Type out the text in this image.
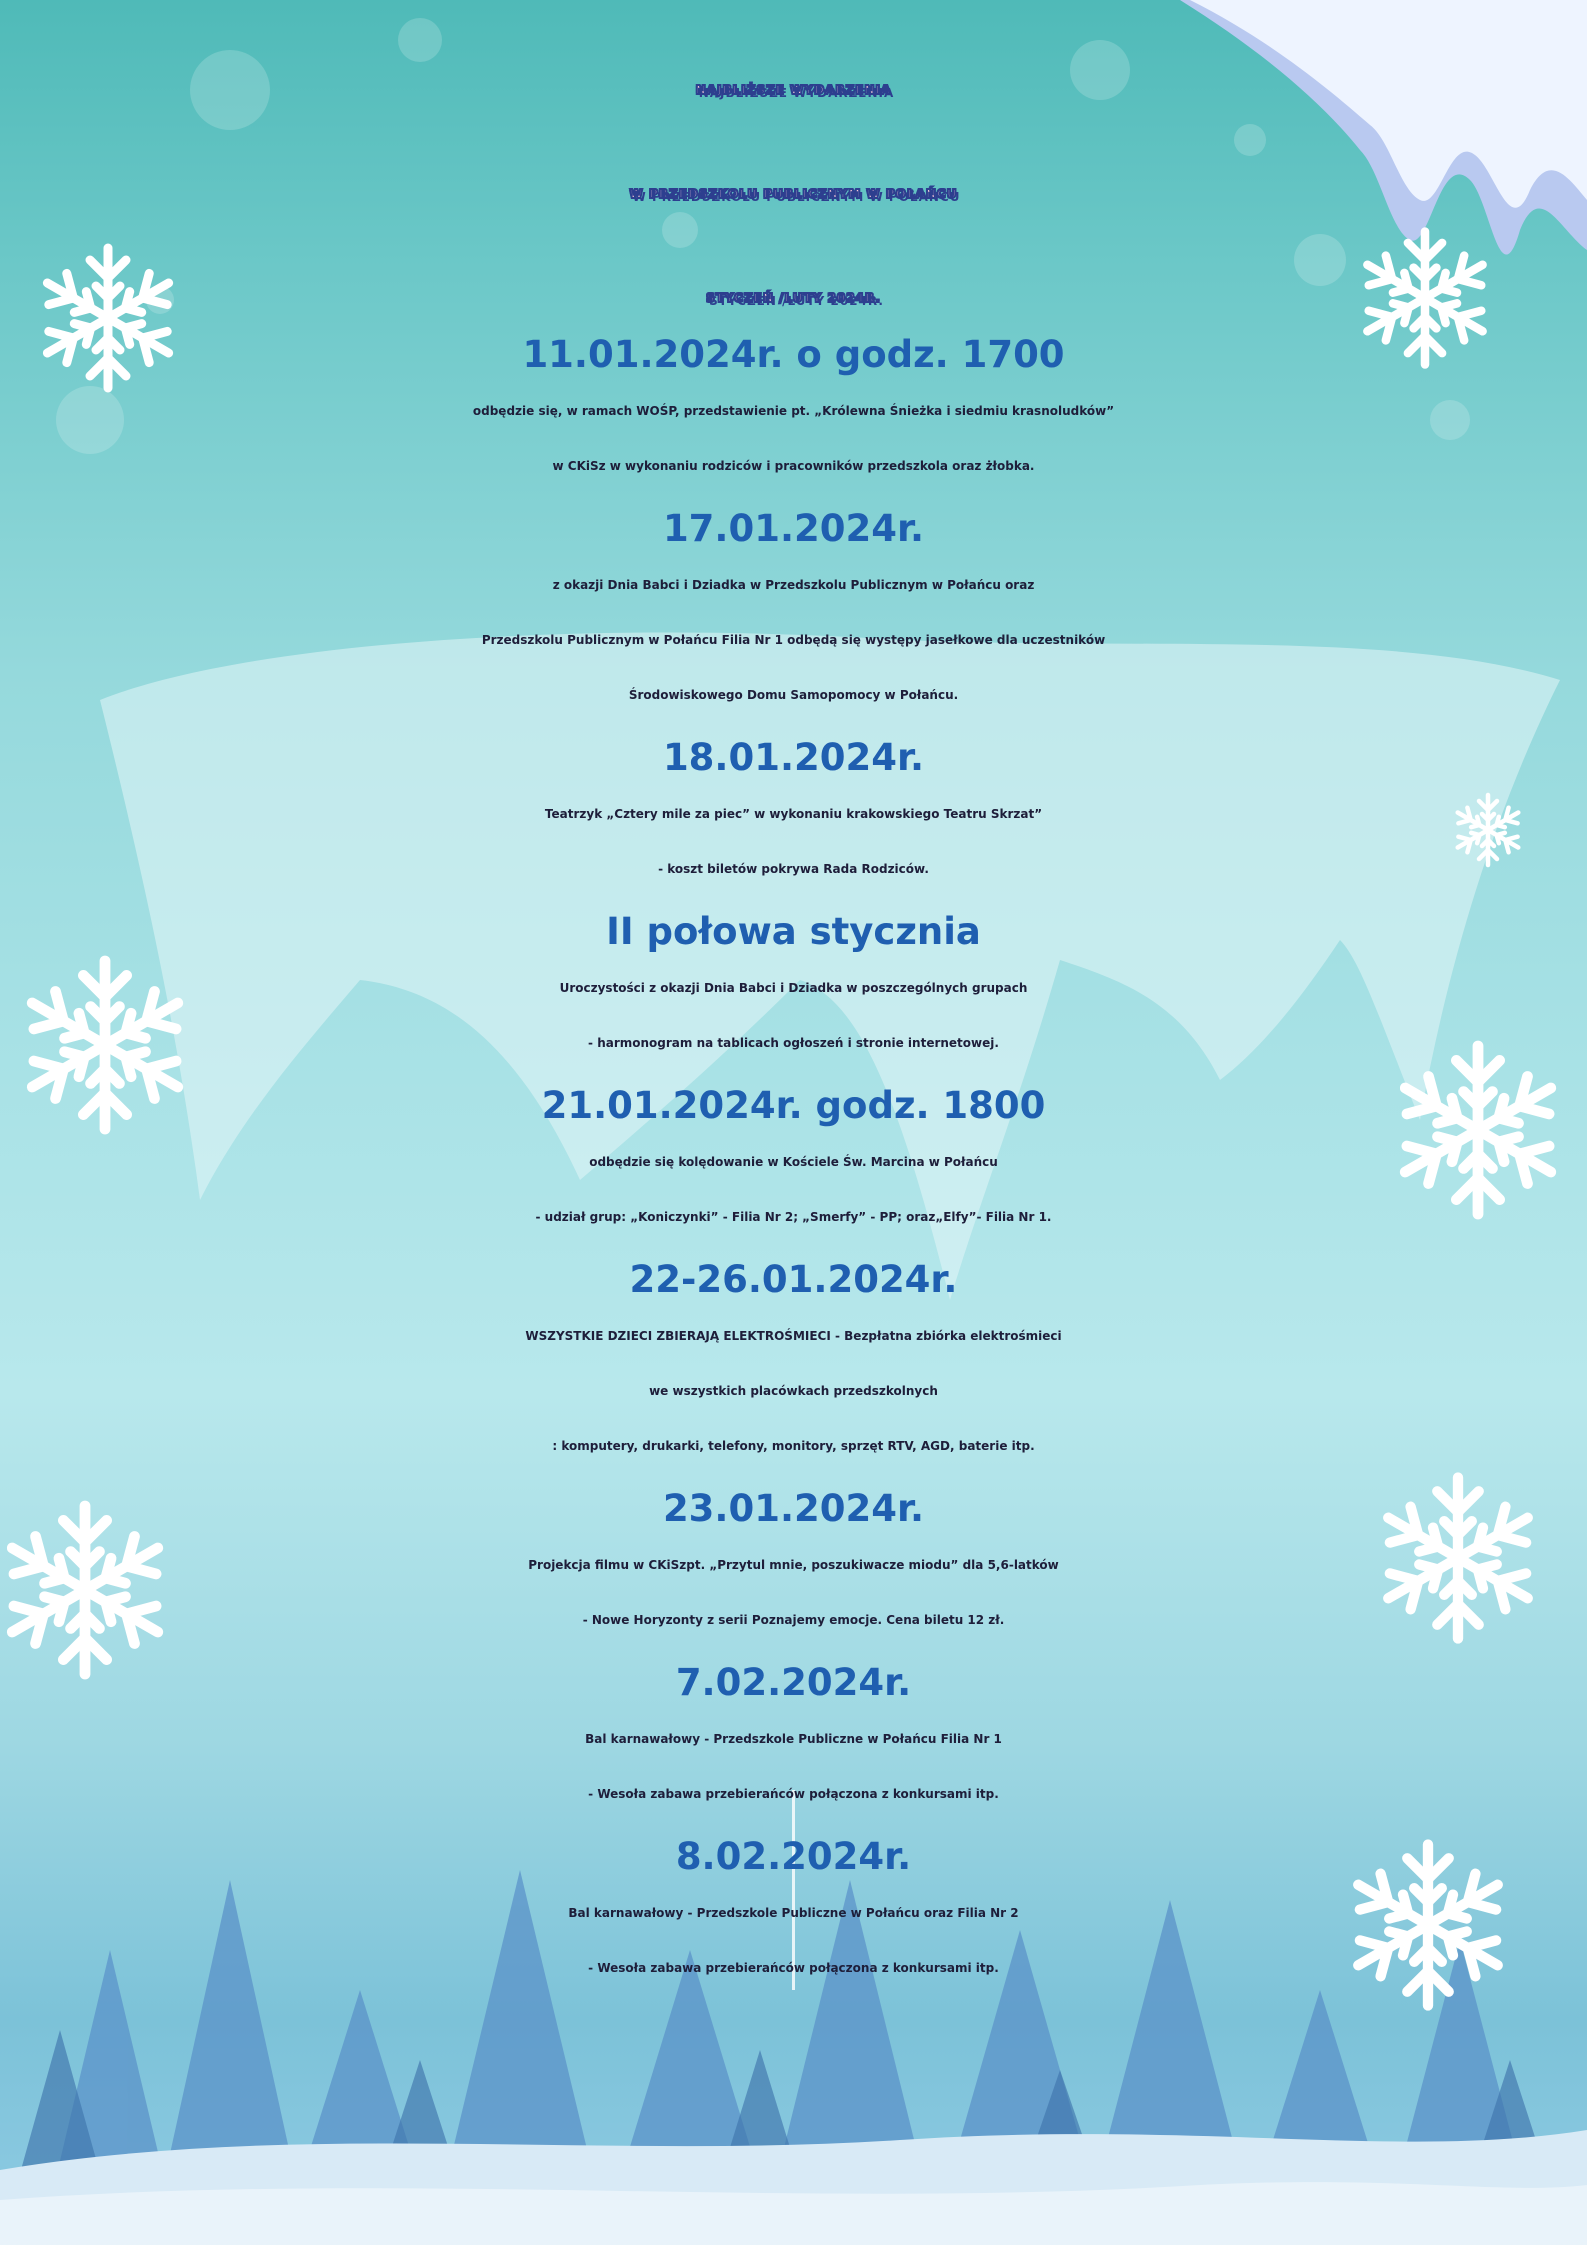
NAJBLIŻSZE WYDARZENIA
W PRZEDSZKOLU PUBLICZNYM W POŁAŃCU
STYCZEŃ /LUTY 2024R.
11.01.2024r. o godz. 1700
odbędzie się, w ramach WOŚP, przedstawienie pt. „Królewna Śnieżka i siedmiu krasnoludków”
w CKiSz w wykonaniu rodziców i pracowników przedszkola oraz żłobka.
17.01.2024r.
z okazji Dnia Babci i Dziadka w Przedszkolu Publicznym w Połańcu oraz
Przedszkolu Publicznym w Połańcu Filia Nr 1 odbędą się występy jasełkowe dla uczestników
Środowiskowego Domu Samopomocy w Połańcu.
18.01.2024r.
Teatrzyk „Cztery mile za piec” w wykonaniu krakowskiego Teatru Skrzat”
- koszt biletów pokrywa Rada Rodziców.
II połowa stycznia
Uroczystości z okazji Dnia Babci i Dziadka w poszczególnych grupach
- harmonogram na tablicach ogłoszeń i stronie internetowej.
21.01.2024r. godz. 1800
odbędzie się kolędowanie w Kościele Św. Marcina w Połańcu
- udział grup: „Koniczynki” - Filia Nr 2; „Smerfy” - PP; oraz„Elfy”- Filia Nr 1.
22-26.01.2024r.
WSZYSTKIE DZIECI ZBIERAJĄ ELEKTROŚMIECI - Bezpłatna zbiórka elektrośmieci
we wszystkich placówkach przedszkolnych
: komputery, drukarki, telefony, monitory, sprzęt RTV, AGD, baterie itp.
23.01.2024r.
Projekcja filmu w CKiSzpt. „Przytul mnie, poszukiwacze miodu” dla 5,6-latków
- Nowe Horyzonty z serii Poznajemy emocje. Cena biletu 12 zł.
7.02.2024r.
Bal karnawałowy - Przedszkole Publiczne w Połańcu Filia Nr 1
- Wesoła zabawa przebierańców połączona z konkursami itp.
8.02.2024r.
Bal karnawałowy - Przedszkole Publiczne w Połańcu oraz Filia Nr 2
- Wesoła zabawa przebierańców połączona z konkursami itp.
